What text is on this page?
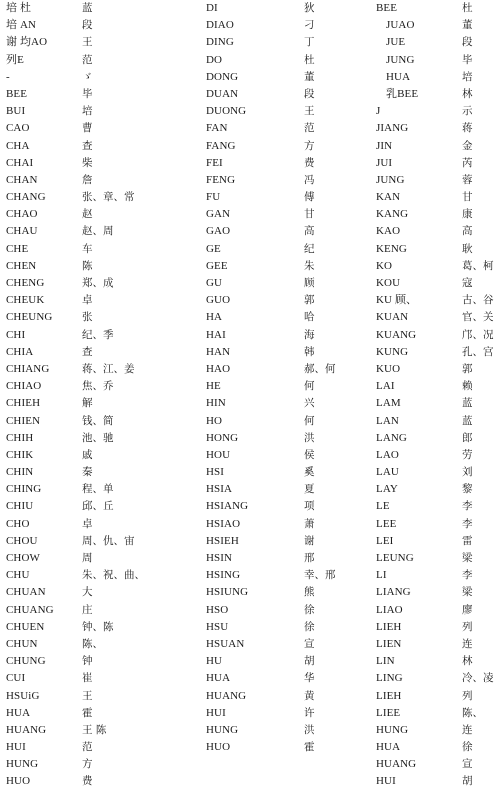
培 杜	蓝
培 AN	段
谢 均AO	王
列E	范
-	ゞ
BEE	毕
BUI	培
CAO	曹
CHA	查
CHAI	柴
CHAN	詹
CHANG	张、章、常
CHAO	赵
CHAU	赵、周
CHE	车
CHEN	陈
CHENG	郑、成
CHEUK	卓
CHEUNG	张
CHI	纪、季
CHIA	查
CHIANG	蒋、江、姜
CHIAO	焦、乔
CHIEH	解
CHIEN	钱、简
CHIH	池、驰
CHIK	戚
CHIN	秦
CHING	程、单
CHIU	邱、丘
CHO	卓
CHOU	周、仇、宙
CHOW	周
CHU	朱、祝、曲、
CHUAN	大
CHUANG	庄
CHUEN	钟、陈
CHUN	陈、
CHUNG	钟
CUI	崔
HSUiG	王
HUA	霍
HUANG	王 陈
HUI	范
HUNG	方
HUO	费
DI	狄
DIAO	刁
DING	丁
DO	杜
DONG	董
DUAN	段
DUONG	王
FAN	范
FANG	方
FEI	费
FENG	冯
FU	傅
GAN	甘
GAO	高
GE	纪
GEE	朱
GU	顾
GUO	郭
HA	哈
HAI	海
HAN	韩
HAO	郝、何
HE	何
HIN	兴
HO	何
HONG	洪
HOU	侯
HSI	奚
HSIA	夏
HSIANG	项
HSIAO	萧
HSIEH	谢
HSIN	邢
HSING	幸、邢
HSIUNG	熊
HSO	徐
HSU	徐
HSUAN	宣
HU	胡
HUA	华
HUANG	黄
HUI	许
HUNG	洪
HUO	霍
BEE	杜
JUAO	董
JUE	段
JUNG	毕
HUA	培
乳BEE	林
J	示
JIANG	蒋
JIN	金
JUI	芮
JUNG	蓉
KAN	甘
KANG	康
KAO	高
KENG	耿
KO	葛、柯
KOU	寇
KU 顾、	古、谷
KUAN	官、关
KUANG	邝、况
KUNG	孔、宫
KUO	郭
LAI	赖
LAM	蓝
LAN	蓝
LANG	郎
LAO	劳
LAU	刘
LAY	黎
LE	李
LEE	李
LEI	雷
LEUNG	梁
LI	李
LIANG	梁
LIAO	廖
LIEH	列
LIEN	连
LIN	林
LING	冷、凌
LIEH	列
LIEE	陈、
HUNG	连
HUA	徐
HUANG	宣
HUI	胡
